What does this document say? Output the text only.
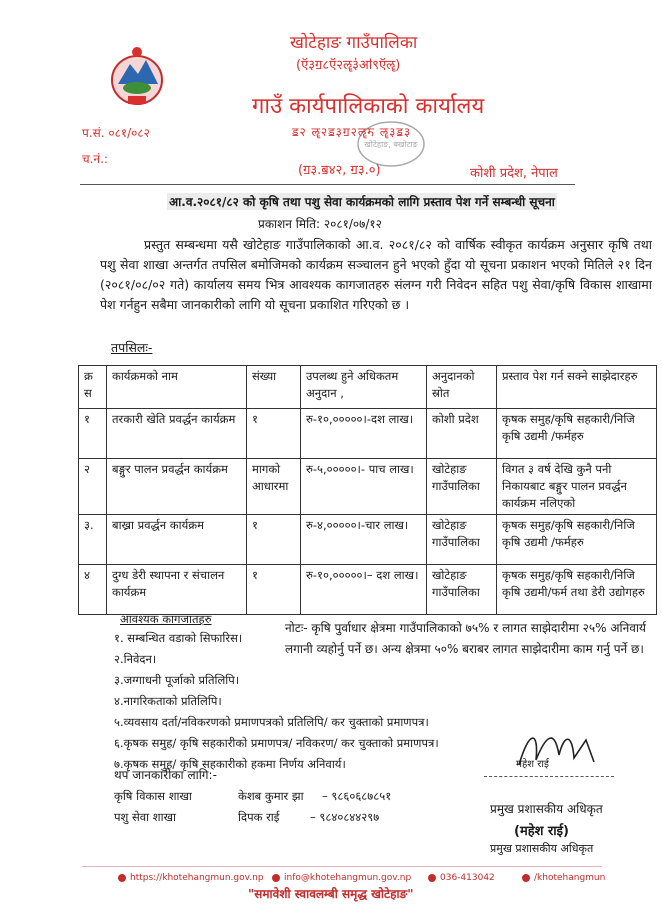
खोटेहाङ गाउँपालिका
(ऍ३ॻ८ऍ२ॡ३॑ॴ९ऍॡ)
गाउँ कार्यपालिकाको कार्यालय
ॾ२ ॡ२ॾ३ॻ२ॡॸ ॡ३ॾ३
(ॻ३.ॿ४२, ॻ३.०)	कोशी प्रदेश, नेपाल
प.सं. ०८१/०८२
च.नं.:
खोटेहाङ, बखोटाङ
आ.व.२०८१/८२ को कृषि तथा पशु सेवा कार्यक्रमको लागि प्रस्ताव पेश गर्ने सम्बन्धी सूचना
प्रकाशन मिति: २०८१/०७/१२
प्रस्तुत सम्बन्धमा यसै खोटेहाङ गाउँपालिकाको आ.व. २०८१/८२ को वार्षिक स्वीकृत कार्यक्रम अनुसार कृषि तथा पशु सेवा शाखा अन्तर्गत तपसिल बमोजिमको कार्यक्रम सञ्चालन हुने भएको हुँदा यो सूचना प्रकाशन भएको मितिले २१ दिन (२०८१/०८/०२ गते) कार्यालय समय भित्र आवश्यक कागजातहरु संलग्न गरी निवेदन सहित पशु सेवा/कृषि विकास शाखामा पेश गर्नहुन सबैमा जानकारीको लागि यो सूचना प्रकाशित गरिएको छ ।
तपसिलः-
क्र स	कार्यक्रमको नाम	संख्या	उपलब्ध हुने अधिकतम अनुदान ,	अनुदानको स्रोत	प्रस्ताव पेश गर्न सक्ने साझेदारहरु
१	तरकारी खेति प्रवर्द्धन कार्यक्रम	१	रु-१०,०००००।-दश लाख।	कोशी प्रदेश	कृषक समुह/कृषि सहकारी/निजि कृषि उद्यमी /फर्महरु
२	बङ्गुर पालन प्रवर्द्धन कार्यक्रम	मागको आधारमा	रु-५,०००००।- पाच लाख।	खोटेहाङ गाउँपालिका	विगत ३ वर्ष देखि कुनै पनी निकायबाट बङ्गुर पालन प्रवर्द्धन कार्यक्रम नलिएको
३.	बाख्रा प्रवर्द्धन कार्यक्रम	१	रु-४,०००००।-चार लाख।	खोटेहाङ गाउँपालिका	कृषक समुह/कृषि सहकारी/निजि कृषि उद्यमी /फर्महरु
४	दुग्ध डेरी स्थापना र संचालन कार्यक्रम	१	रु-१०,०००००।– दश लाख।	खोटेहाङ गाउँपालिका	कृषक समुह/कृषि सहकारी/निजि कृषि उद्यमी/फर्म तथा डेरी उद्योगहरु
आवश्यक कागजातहरु
१. सम्बन्धित वडाको सिफारिस।
२.निवेदन।
३.जग्गाधनी पूर्जाको प्रतिलिपि।
४.नागरिकताको प्रतिलिपि।
५.व्यवसाय दर्ता/नविकरणको प्रमाणपत्रको प्रतिलिपि/ कर चुक्ताको प्रमाणपत्र।
६.कृषक समुह/ कृषि सहकारीको प्रमाणपत्र/ नविकरण/ कर चुक्ताको प्रमाणपत्र।
७.कृषक समुह/ कृषि सहकारीको हकमा निर्णय अनिवार्य।
नोटः- कृषि पुर्वाधार क्षेत्रमा गाउँपालिकाको ७५% र लागत साझेदारीमा २५% अनिवार्य लगानी व्यहोर्नु पर्ने छ। अन्य क्षेत्रमा ५०% बराबर लागत साझेदारीमा काम गर्नु पर्ने छ।
थप जानकारीका लागि:-
कृषि विकास शाखा	केशब कुमार झा – ९८६०६८७८५१
पशु सेवा शाखा	दिपक राई	– ९८४०८४४२९७
महेश राई
प्रमुख प्रशासकीय अधिकृत
(महेश राई)
प्रमुख प्रशासकीय अधिकृत
https://khotehangmun.gov.np	info@khotehangmun.gov.np	036-413042	/khotehangmun
"समावेशी स्वावलम्बी समृद्ध खोटेहाङ"
